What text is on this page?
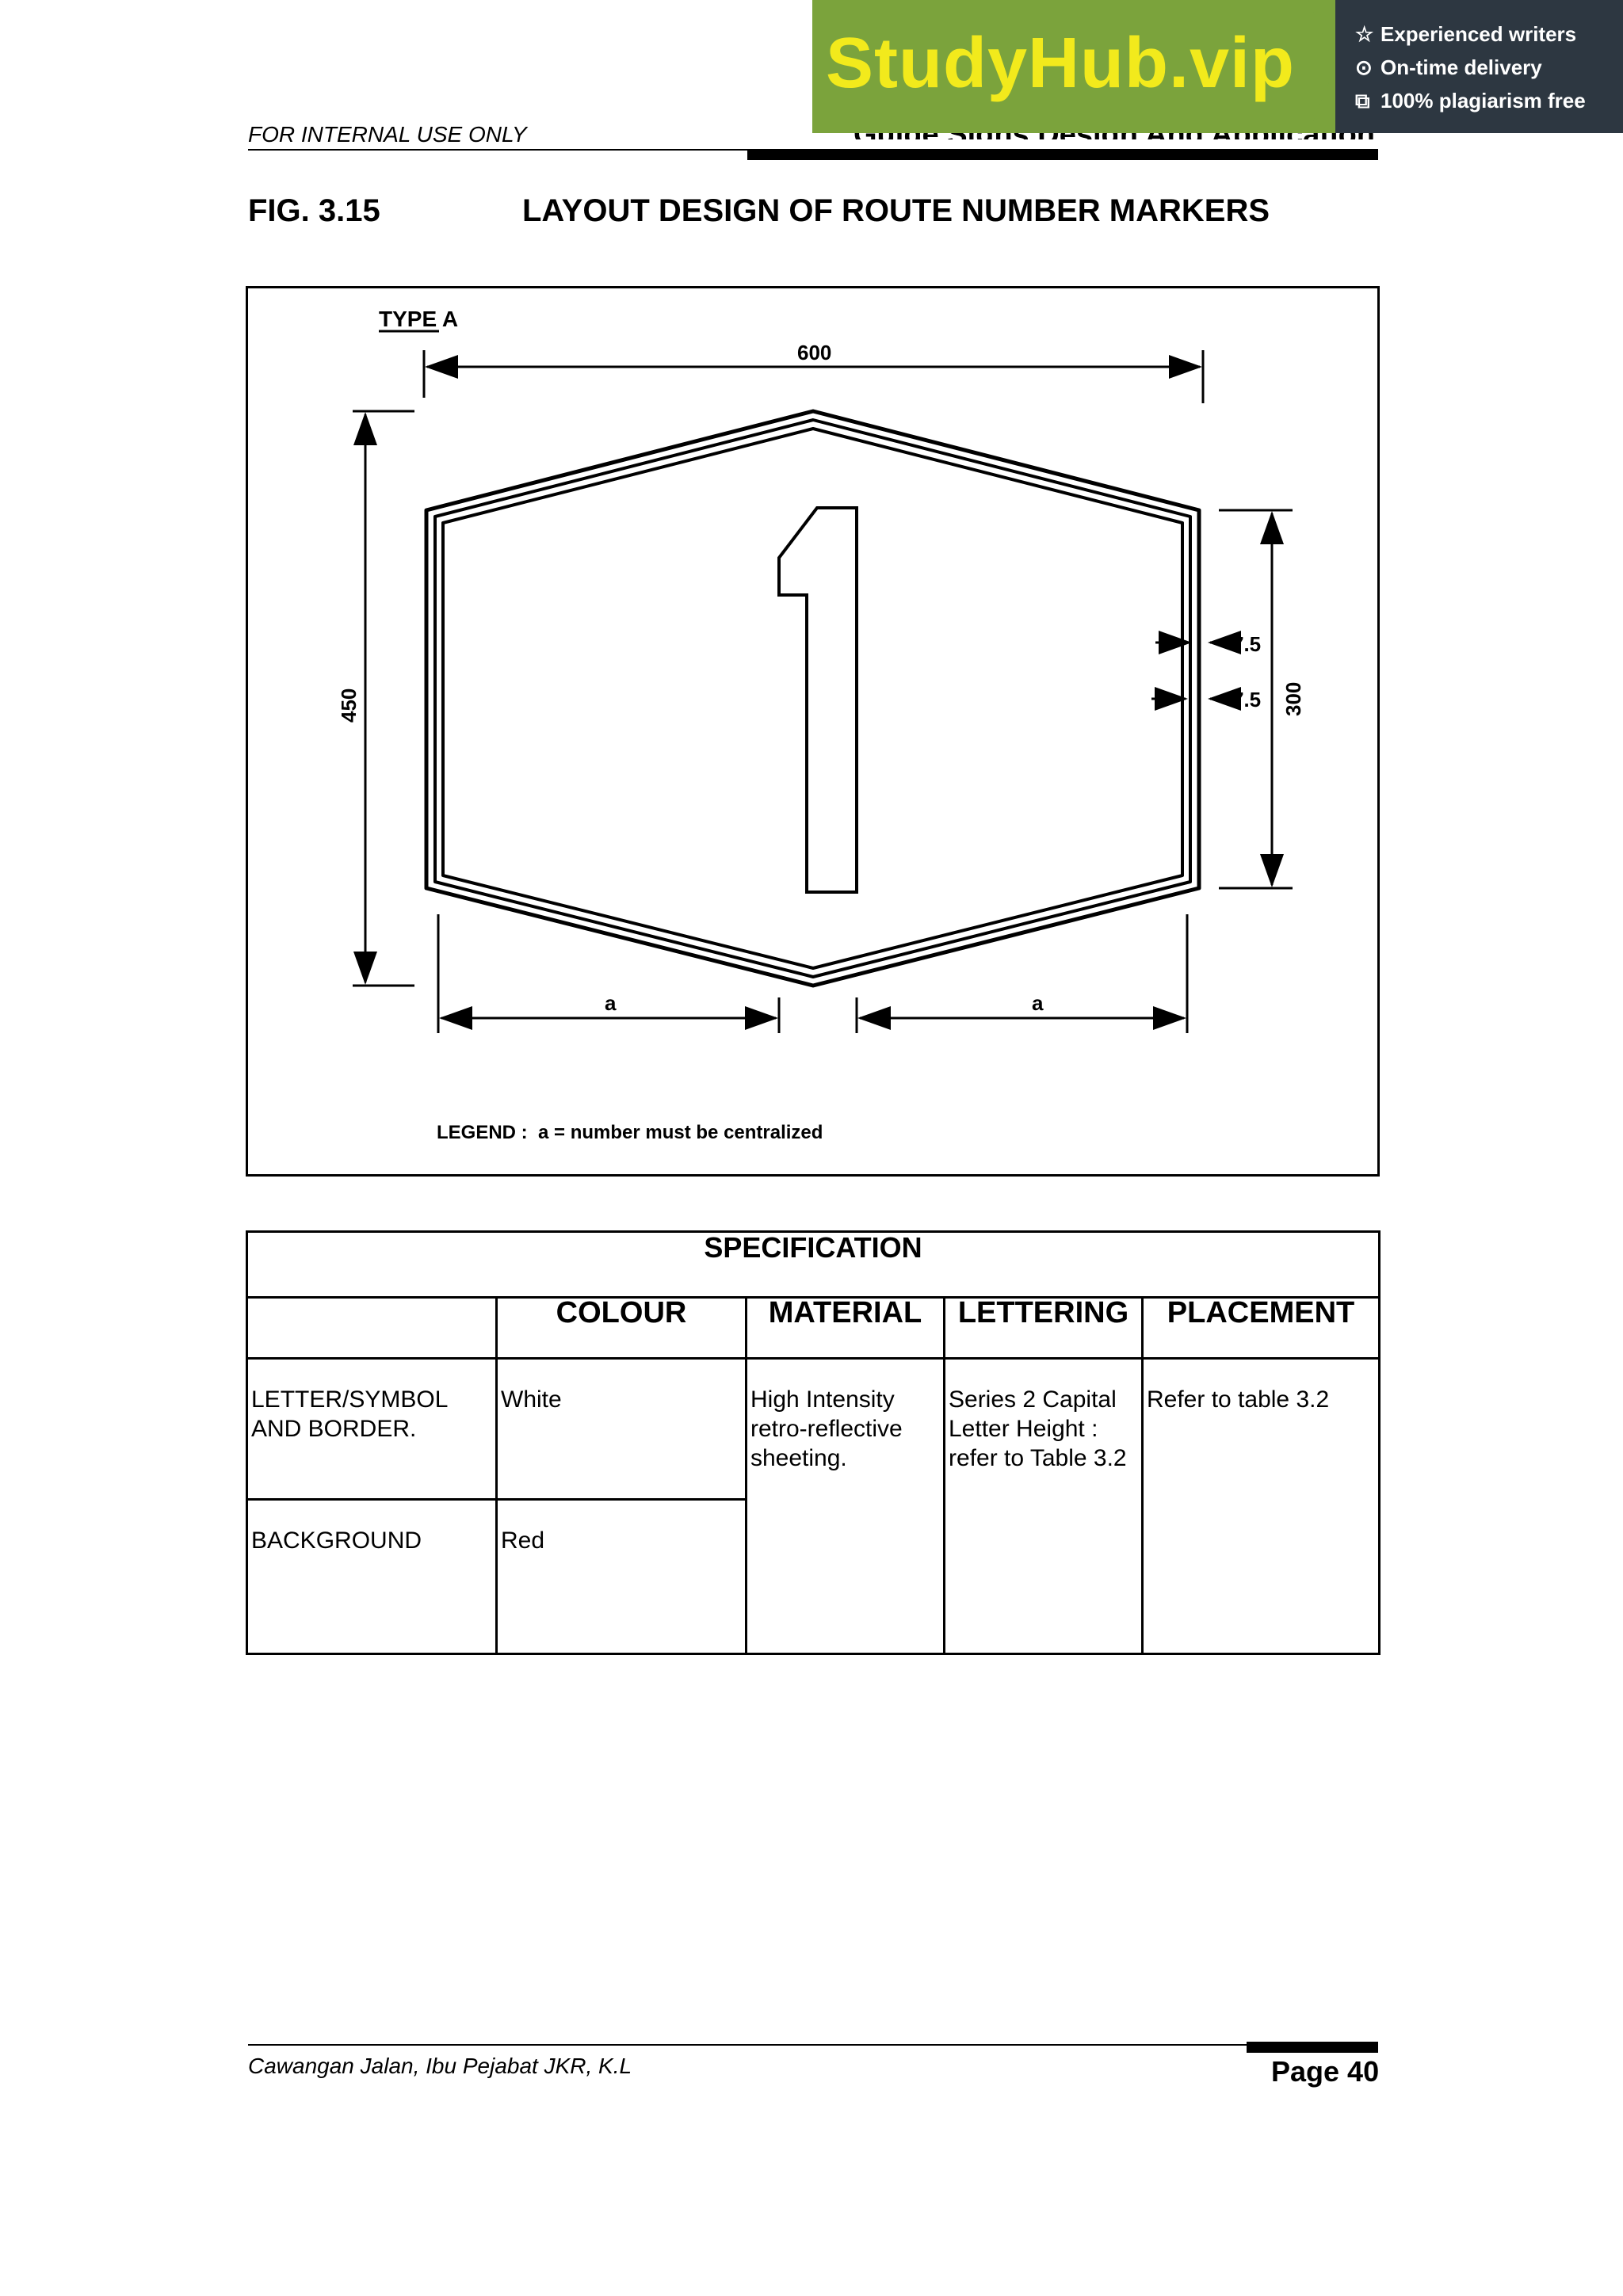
FOR INTERNAL USE ONLY
StudyHub.vip	☆ Experienced writers
⊙ On-time delivery
⧉ 100% plagiarism free
FIG. 3.15	LAYOUT DESIGN OF ROUTE NUMBER MARKERS
TYPE A
600
450	300
7.5
7.5
a	a
LEGEND :  a = number must be centralized
SPECIFICATION				
	COLOUR	MATERIAL	LETTERING	PLACEMENT
LETTER/SYMBOL AND BORDER.	White	High Intensity retro-reflective sheeting.	Series 2 Capital Letter Height : refer to Table 3.2	Refer to table 3.2
BACKGROUND	Red			
Cawangan Jalan, Ibu Pejabat JKR, K.L	Page 40
